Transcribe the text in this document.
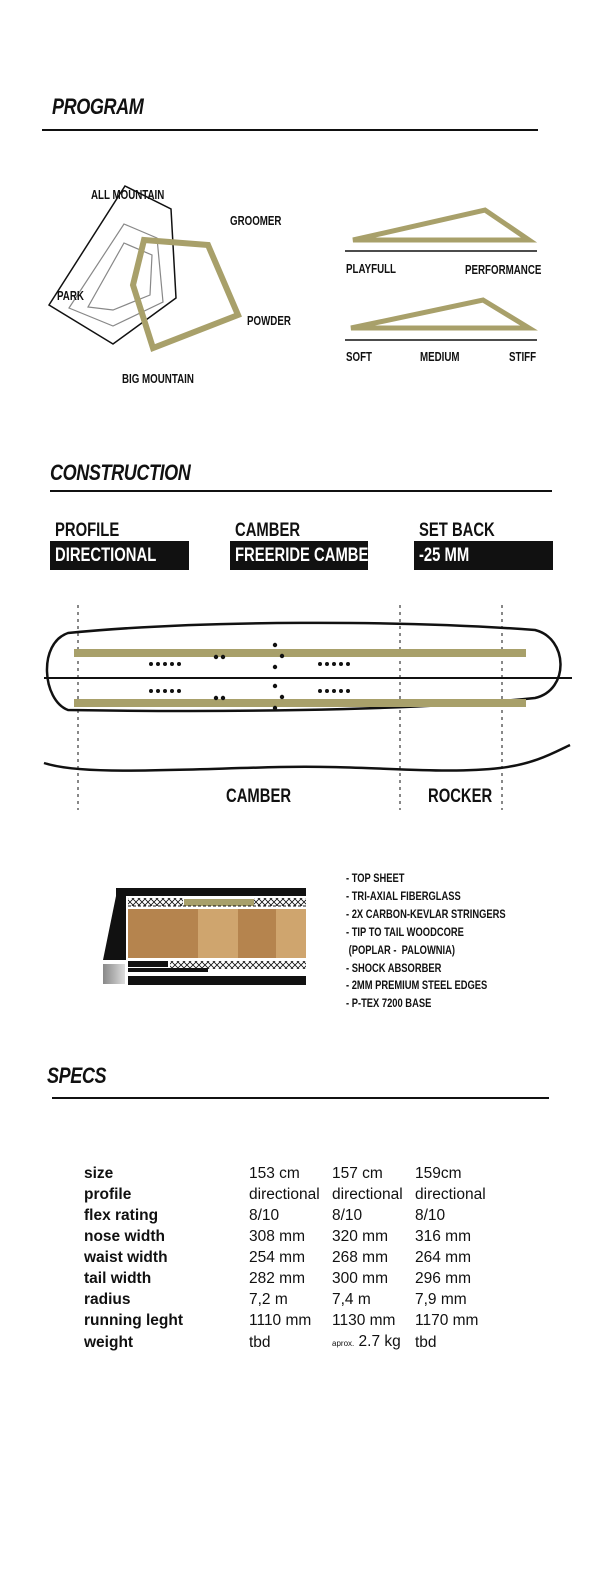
PROGRAM
ALL MOUNTAIN
GROOMER
POWDER
BIG MOUNTAIN
PARK
PLAYFULL	PERFORMANCE
SOFT	MEDIUM	STIFF
CONSTRUCTION
PROFILE
DIRECTIONAL
CAMBER
FREERIDE CAMBER
SET BACK
-25 MM
CAMBER	ROCKER
- TOP SHEET
- TRI-AXIAL FIBERGLASS
- 2X CARBON-KEVLAR STRINGERS
- TIP TO TAIL WOODCORE
(POPLAR -  PALOWNIA)
- SHOCK ABSORBER
- 2MM PREMIUM STEEL EDGES
- P-TEX 7200 BASE
SPECS
size	153 cm	157 cm	159cm
profile	directional	directional	directional
flex rating	8/10	8/10	8/10
nose width	308 mm	320 mm	316 mm
waist width	254 mm	268 mm	264 mm
tail width	282 mm	300 mm	296 mm
radius	7,2 m	7,4 m	7,9 mm
running leght	1110 mm	1130 mm	1170 mm
weight	tbd	aprox. 2.7 kg	tbd
